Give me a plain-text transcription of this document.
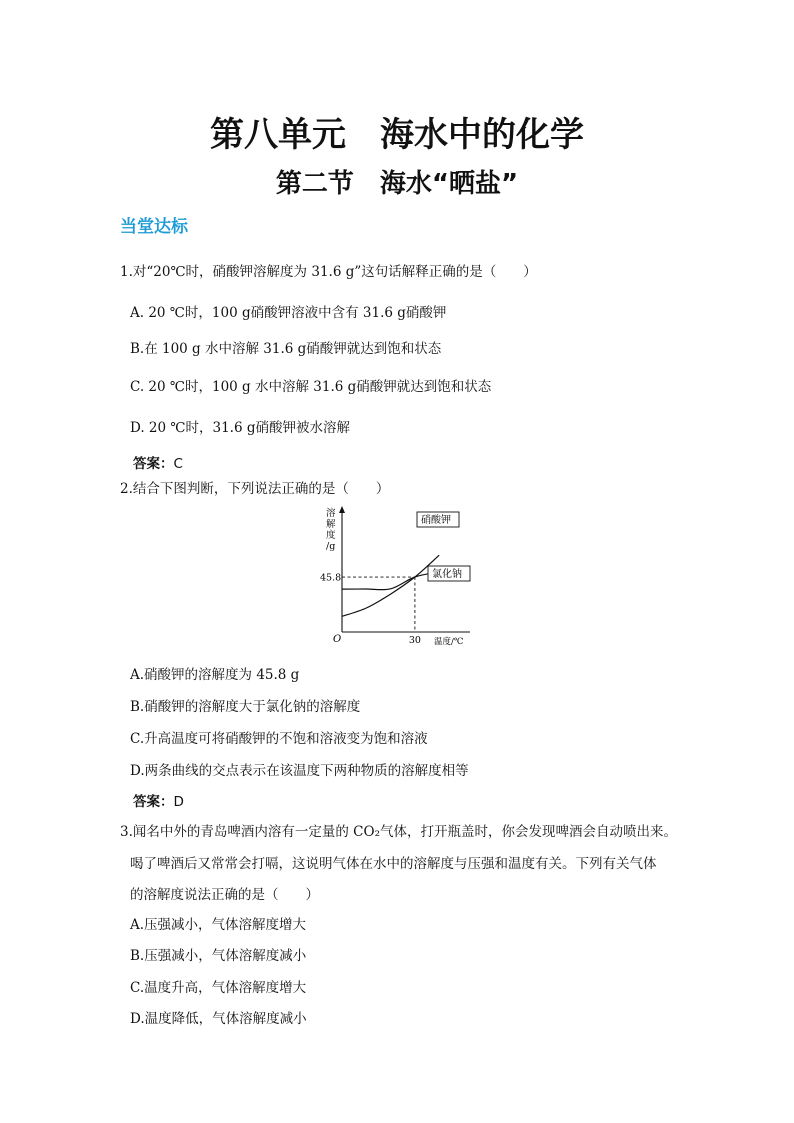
第八单元　海水中的化学
第二节　海水“晒盐”
当堂达标
1.对“20℃时，硝酸钾溶解度为 31.6 g”这句话解释正确的是（　　）
A. 20 ℃时，100 g硝酸钾溶液中含有 31.6 g硝酸钾
B.在 100 g 水中溶解 31.6 g硝酸钾就达到饱和状态
C. 20 ℃时，100 g 水中溶解 31.6 g硝酸钾就达到饱和状态
D. 20 ℃时，31.6 g硝酸钾被水溶解
答案：C
2.结合下图判断，下列说法正确的是（　　）
溶
解
度
/g
O
45.8
30
硝酸钾
氯化钠
温度/℃
A.硝酸钾的溶解度为 45.8 g
B.硝酸钾的溶解度大于氯化钠的溶解度
C.升高温度可将硝酸钾的不饱和溶液变为饱和溶液
D.两条曲线的交点表示在该温度下两种物质的溶解度相等
答案：D
3.闻名中外的青岛啤酒内溶有一定量的 CO₂气体，打开瓶盖时，你会发现啤酒会自动喷出来。
喝了啤酒后又常常会打嗝，这说明气体在水中的溶解度与压强和温度有关。下列有关气体
的溶解度说法正确的是（　　）
A.压强减小，气体溶解度增大
B.压强减小，气体溶解度减小
C.温度升高，气体溶解度增大
D.温度降低，气体溶解度减小
